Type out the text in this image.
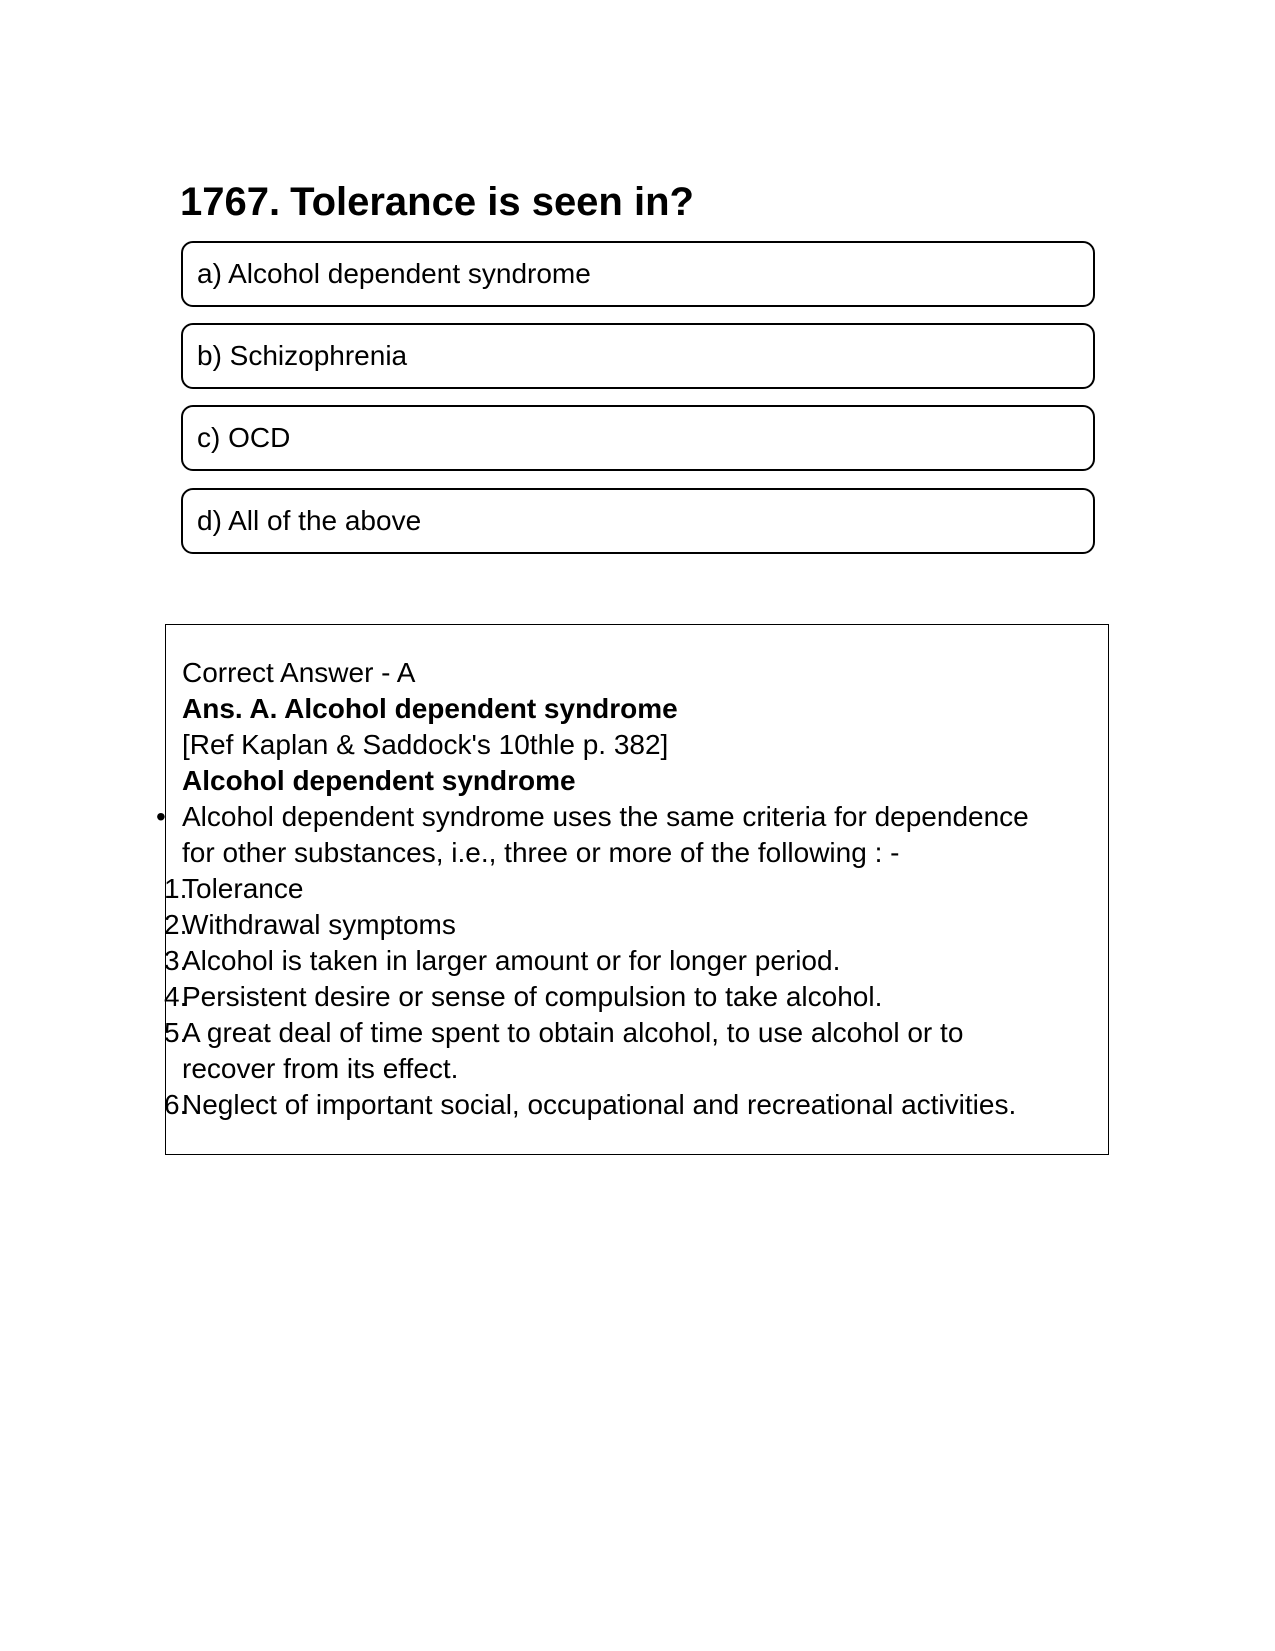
1767. Tolerance is seen in?
a) Alcohol dependent syndrome
b) Schizophrenia
c) OCD
d) All of the above
Correct Answer - A
Ans. A. Alcohol dependent syndrome
[Ref Kaplan & Saddock's 10thle p. 382]
Alcohol dependent syndrome
• Alcohol dependent syndrome uses the same criteria for dependence
for other substances, i.e., three or more of the following : -
1.
Tolerance
2.
Withdrawal symptoms
3.
Alcohol is taken in larger amount or for longer period.
4.
Persistent desire or sense of compulsion to take alcohol.
5.
A great deal of time spent to obtain alcohol, to use alcohol or to
recover from its effect.
6.
Neglect of important social, occupational and recreational activities.
